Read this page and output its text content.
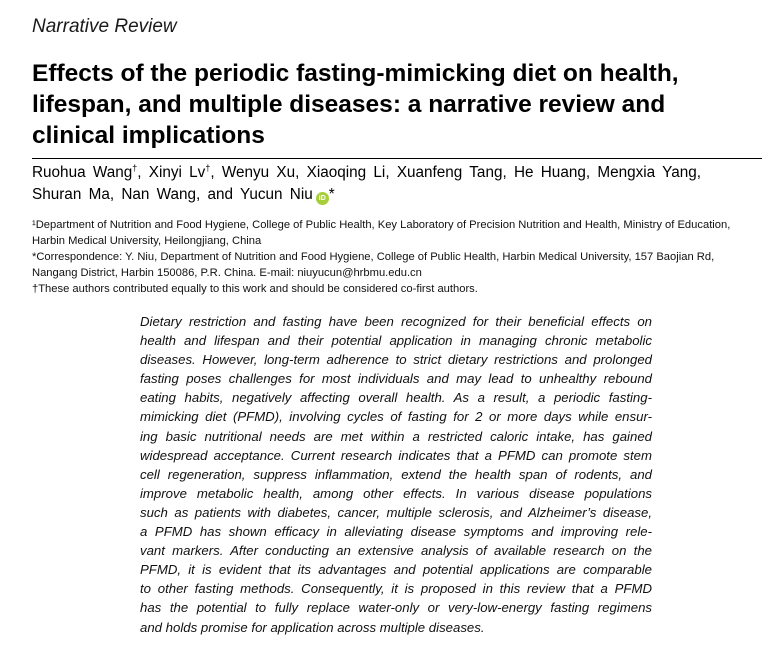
Narrative Review
Effects of the periodic fasting-mimicking diet on health, lifespan, and multiple diseases: a narrative review and clinical implications
Ruohua Wang†, Xinyi Lv†, Wenyu Xu, Xiaoqing Li, Xuanfeng Tang, He Huang, Mengxia Yang,
Shuran Ma, Nan Wang, and Yucun Niu iD *
¹Department of Nutrition and Food Hygiene, College of Public Health, Key Laboratory of Precision Nutrition and Health, Ministry of Education, Harbin Medical University, Heilongjiang, China
*Correspondence: Y. Niu, Department of Nutrition and Food Hygiene, College of Public Health, Harbin Medical University, 157 Baojian Rd, Nangang District, Harbin 150086, P.R. China. E-mail: niuyucun@hrbmu.edu.cn
†These authors contributed equally to this work and should be considered co-first authors.
Dietary restriction and fasting have been recognized for their beneficial effects on
health and lifespan and their potential application in managing chronic metabolic
diseases. However, long-term adherence to strict dietary restrictions and prolonged
fasting poses challenges for most individuals and may lead to unhealthy rebound
eating habits, negatively affecting overall health. As a result, a periodic fasting-
mimicking diet (PFMD), involving cycles of fasting for 2 or more days while ensur-
ing basic nutritional needs are met within a restricted caloric intake, has gained
widespread acceptance. Current research indicates that a PFMD can promote stem
cell regeneration, suppress inflammation, extend the health span of rodents, and
improve metabolic health, among other effects. In various disease populations
such as patients with diabetes, cancer, multiple sclerosis, and Alzheimer’s disease,
a PFMD has shown efficacy in alleviating disease symptoms and improving rele-
vant markers. After conducting an extensive analysis of available research on the
PFMD, it is evident that its advantages and potential applications are comparable
to other fasting methods. Consequently, it is proposed in this review that a PFMD
has the potential to fully replace water-only or very-low-energy fasting regimens
and holds promise for application across multiple diseases.
